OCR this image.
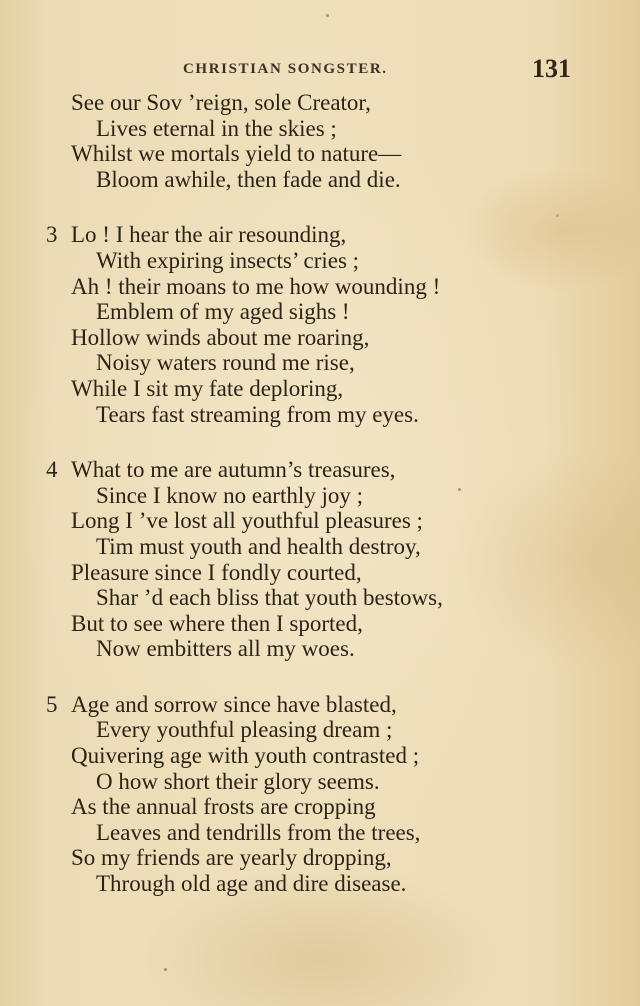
CHRISTIAN SONGSTER.	131
See our Sov ’reign, sole Creator,
Lives eternal in the skies ;
Whilst we mortals yield to nature—
Bloom awhile, then fade and die.
3 Lo ! I hear the air resounding,
With expiring insects’ cries ;
Ah ! their moans to me how wounding !
Emblem of my aged sighs !
Hollow winds about me roaring,
Noisy waters round me rise,
While I sit my fate deploring,
Tears fast streaming from my eyes.
4 What to me are autumn’s treasures,
Since I know no earthly joy ;
Long I ’ve lost all youthful pleasures ;
Tim must youth and health destroy,
Pleasure since I fondly courted,
Shar ’d each bliss that youth bestows,
But to see where then I sported,
Now embitters all my woes.
5 Age and sorrow since have blasted,
Every youthful pleasing dream ;
Quivering age with youth contrasted ;
O how short their glory seems.
As the annual frosts are cropping
Leaves and tendrills from the trees,
So my friends are yearly dropping,
Through old age and dire disease.
